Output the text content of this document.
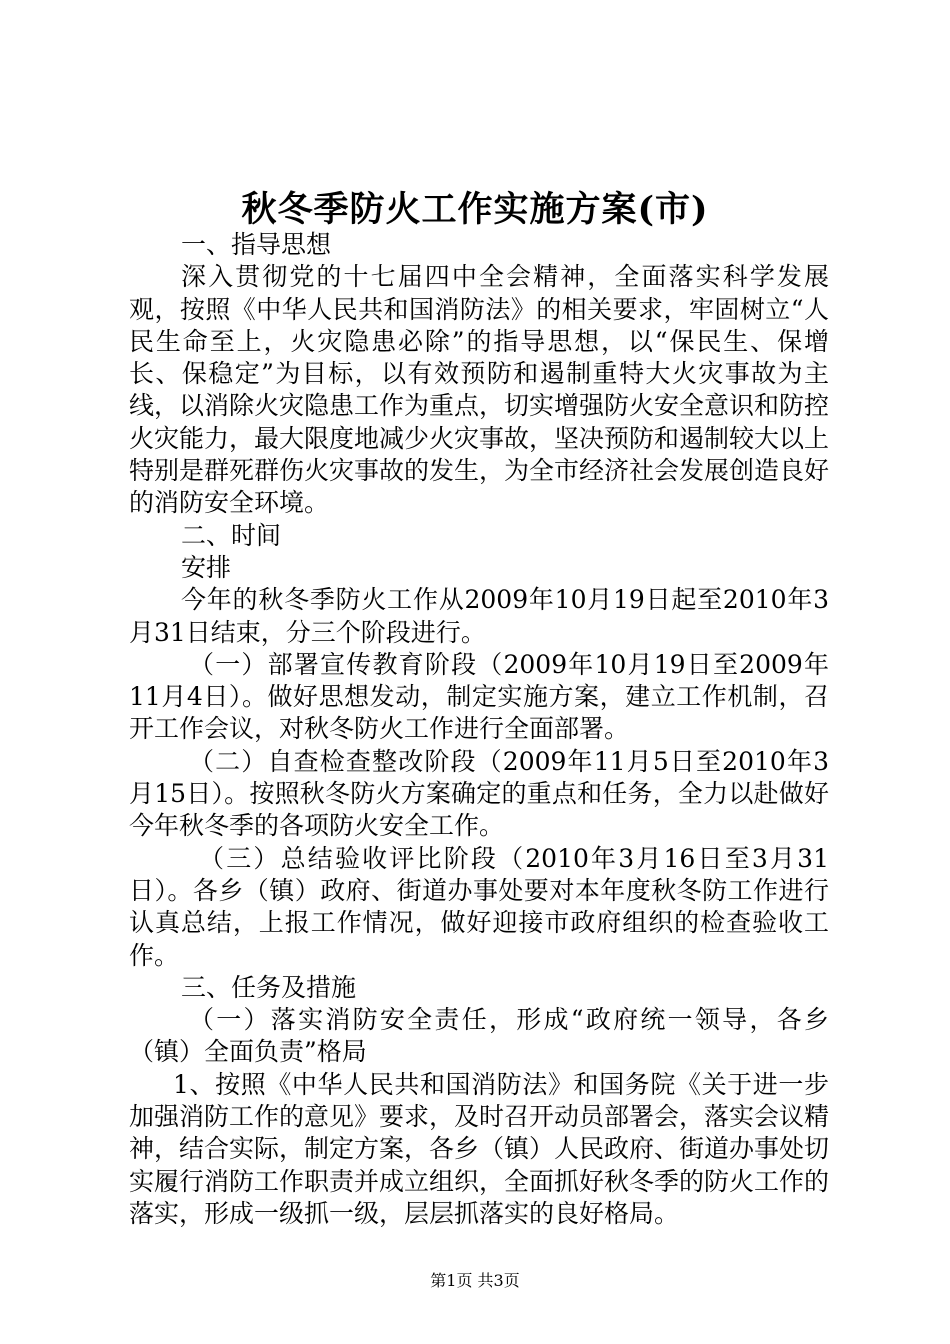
秋冬季防火工作实施方案(市)

一、指导思想

深入贯彻党的十七届四中全会精神，全面落实科学发展观，按照《中华人民共和国消防法》的相关要求，牢固树立“人民生命至上，火灾隐患必除”的指导思想，以“保民生、保增长、保稳定”为目标，以有效预防和遏制重特大火灾事故为主线，以消除火灾隐患工作为重点，切实增强防火安全意识和防控火灾能力，最大限度地减少火灾事故，坚决预防和遏制较大以上特别是群死群伤火灾事故的发生，为全市经济社会发展创造良好的消防安全环境。

二、时间

安排

今年的秋冬季防火工作从2009年10月19日起至2010年3月31日结束，分三个阶段进行。

（一）部署宣传教育阶段（2009年10月19日至2009年11月4日）。做好思想发动，制定实施方案，建立工作机制，召开工作会议，对秋冬防火工作进行全面部署。

（二）自查检查整改阶段（2009年11月5日至2010年3月15日）。按照秋冬防火方案确定的重点和任务，全力以赴做好今年秋冬季的各项防火安全工作。

（三）总结验收评比阶段（2010年3月16日至3月31日）。各乡（镇）政府、街道办事处要对本年度秋冬防工作进行认真总结，上报工作情况，做好迎接市政府组织的检查验收工作。

三、任务及措施

（一）落实消防安全责任，形成“政府统一领导，各乡（镇）全面负责”格局

1、按照《中华人民共和国消防法》和国务院《关于进一步加强消防工作的意见》要求，及时召开动员部署会，落实会议精神，结合实际，制定方案，各乡（镇）人民政府、街道办事处切实履行消防工作职责并成立组织，全面抓好秋冬季的防火工作的落实，形成一级抓一级，层层抓落实的良好格局。

第1页 共3页
